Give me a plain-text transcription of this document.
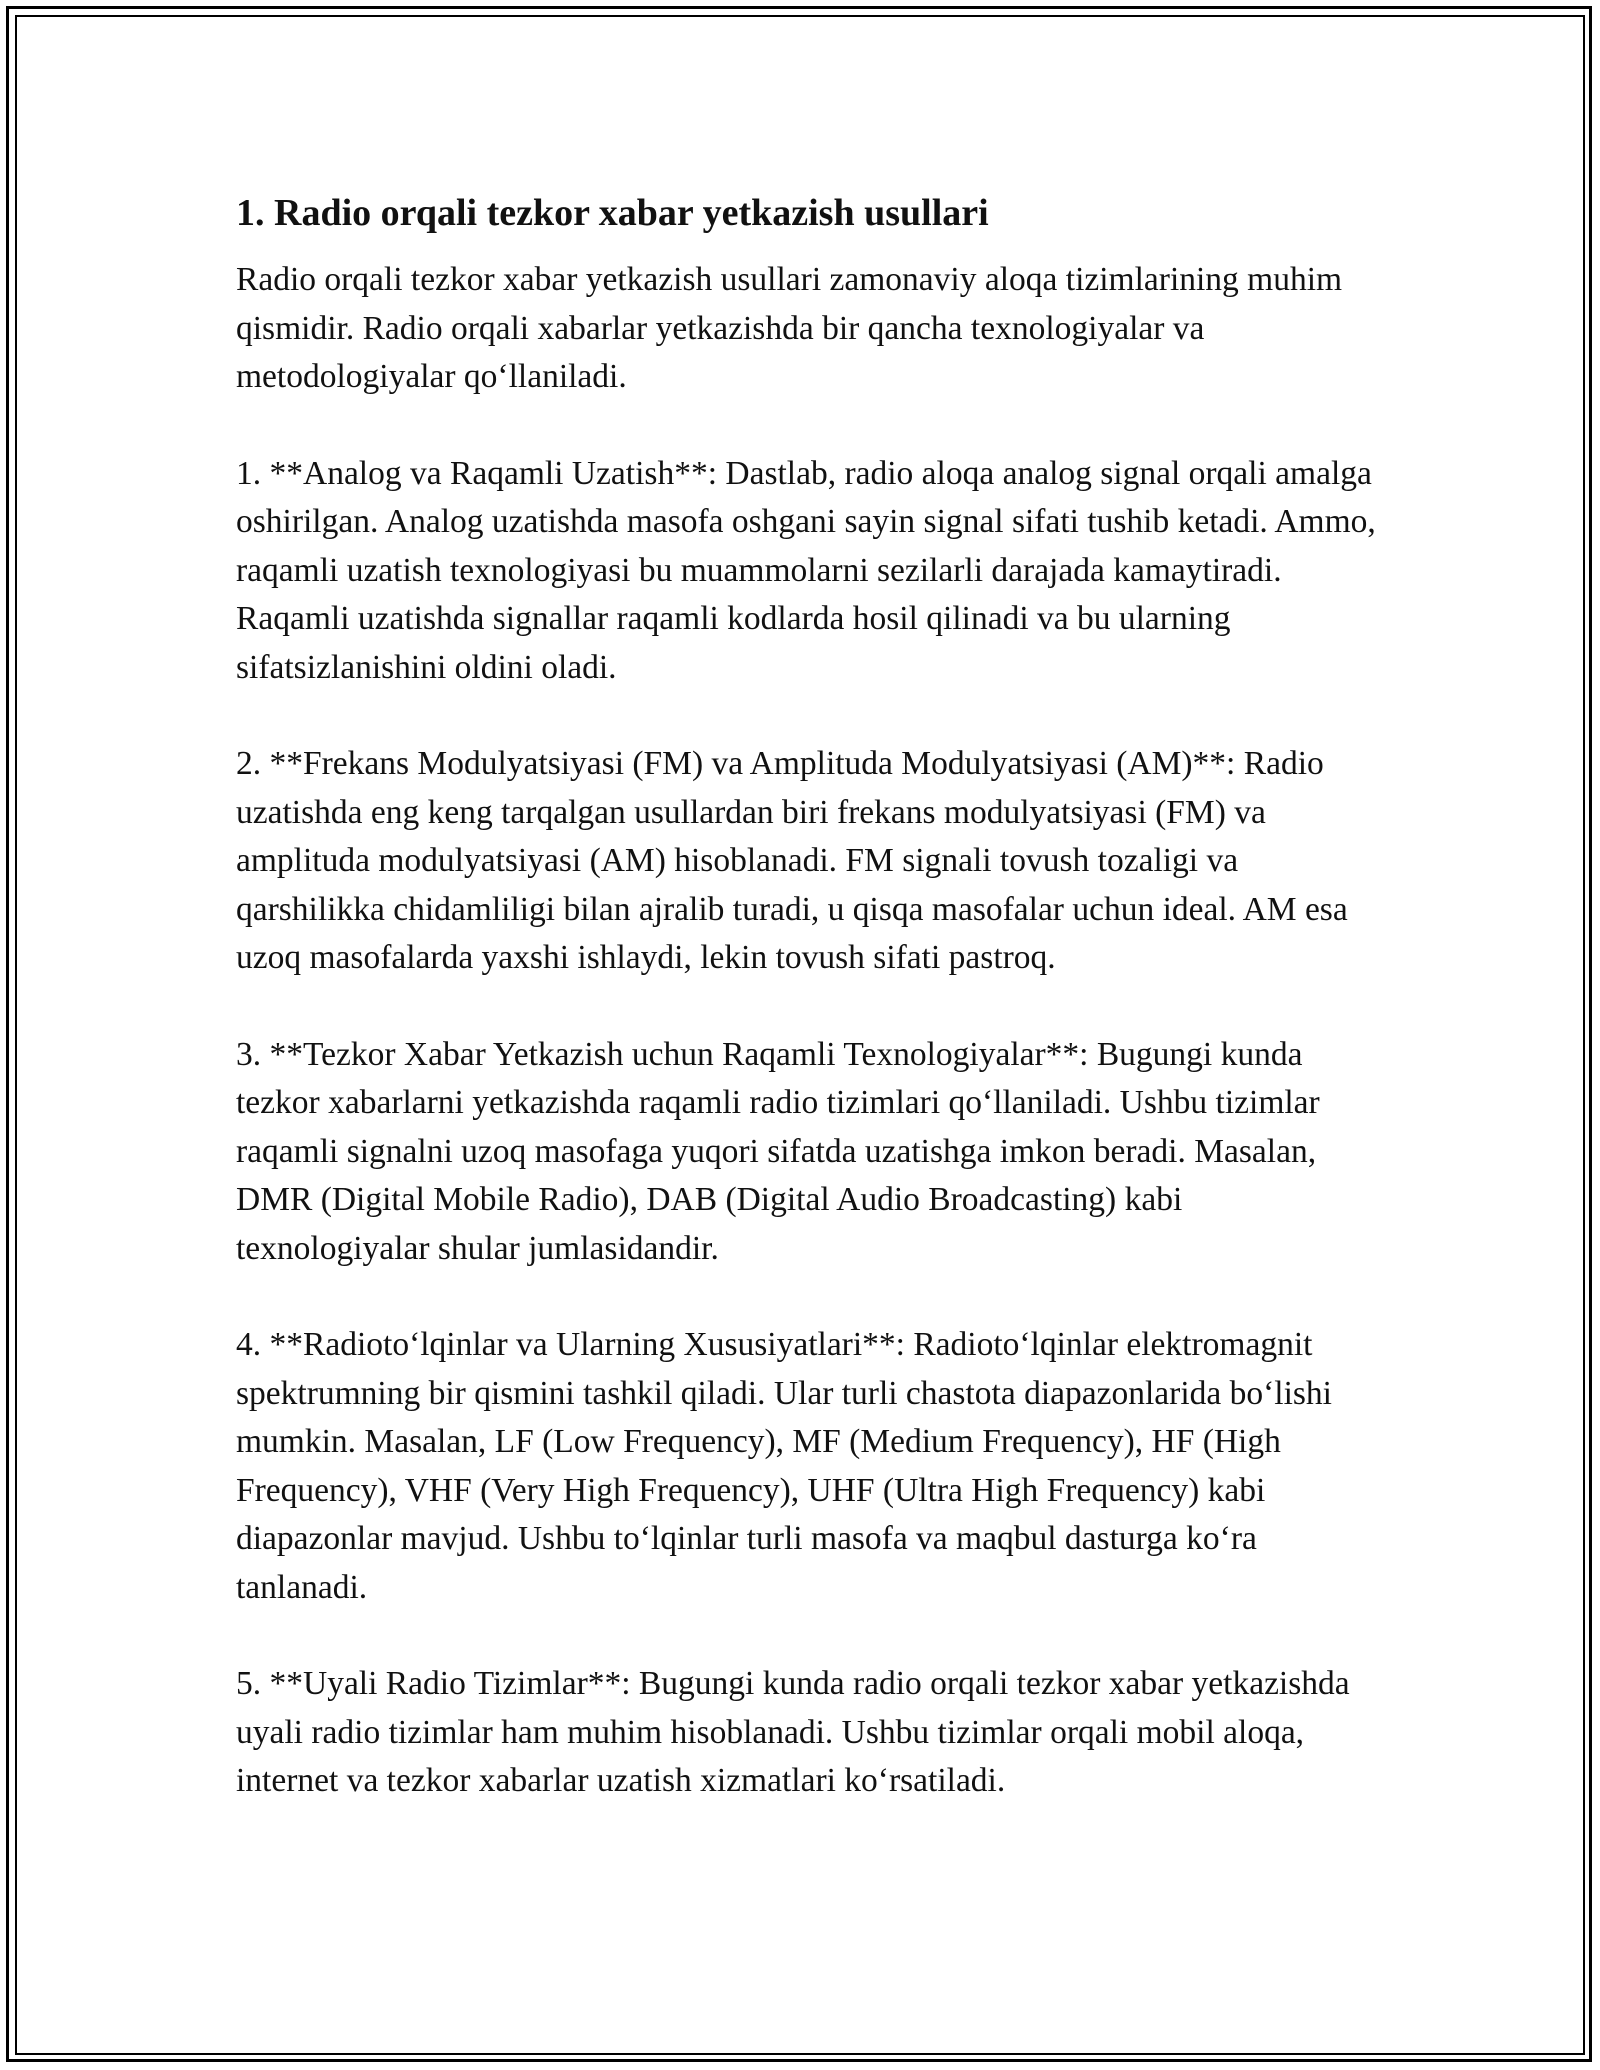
1. Radio orqali tezkor xabar yetkazish usullari

Radio orqali tezkor xabar yetkazish usullari zamonaviy aloqa tizimlarining muhim qismidir. Radio orqali xabarlar yetkazishda bir qancha texnologiyalar va metodologiyalar qo‘llaniladi.

1. **Analog va Raqamli Uzatish**: Dastlab, radio aloqa analog signal orqali amalga oshirilgan. Analog uzatishda masofa oshgani sayin signal sifati tushib ketadi. Ammo, raqamli uzatish texnologiyasi bu muammolarni sezilarli darajada kamaytiradi. Raqamli uzatishda signallar raqamli kodlarda hosil qilinadi va bu ularning sifatsizlanishini oldini oladi.

2. **Frekans Modulyatsiyasi (FM) va Amplituda Modulyatsiyasi (AM)**: Radio uzatishda eng keng tarqalgan usullardan biri frekans modulyatsiyasi (FM) va amplituda modulyatsiyasi (AM) hisoblanadi. FM signali tovush tozaligi va qarshilikka chidamliligi bilan ajralib turadi, u qisqa masofalar uchun ideal. AM esa uzoq masofalarda yaxshi ishlaydi, lekin tovush sifati pastroq.

3. **Tezkor Xabar Yetkazish uchun Raqamli Texnologiyalar**: Bugungi kunda tezkor xabarlarni yetkazishda raqamli radio tizimlari qo‘llaniladi. Ushbu tizimlar raqamli signalni uzoq masofaga yuqori sifatda uzatishga imkon beradi. Masalan, DMR (Digital Mobile Radio), DAB (Digital Audio Broadcasting) kabi texnologiyalar shular jumlasidandir.

4. **Radioto‘lqinlar va Ularning Xususiyatlari**: Radioto‘lqinlar elektromagnit spektrumning bir qismini tashkil qiladi. Ular turli chastota diapazonlarida bo‘lishi mumkin. Masalan, LF (Low Frequency), MF (Medium Frequency), HF (High Frequency), VHF (Very High Frequency), UHF (Ultra High Frequency) kabi diapazonlar mavjud. Ushbu to‘lqinlar turli masofa va maqbul dasturga ko‘ra tanlanadi.

5. **Uyali Radio Tizimlar**: Bugungi kunda radio orqali tezkor xabar yetkazishda uyali radio tizimlar ham muhim hisoblanadi. Ushbu tizimlar orqali mobil aloqa, internet va tezkor xabarlar uzatish xizmatlari ko‘rsatiladi.
